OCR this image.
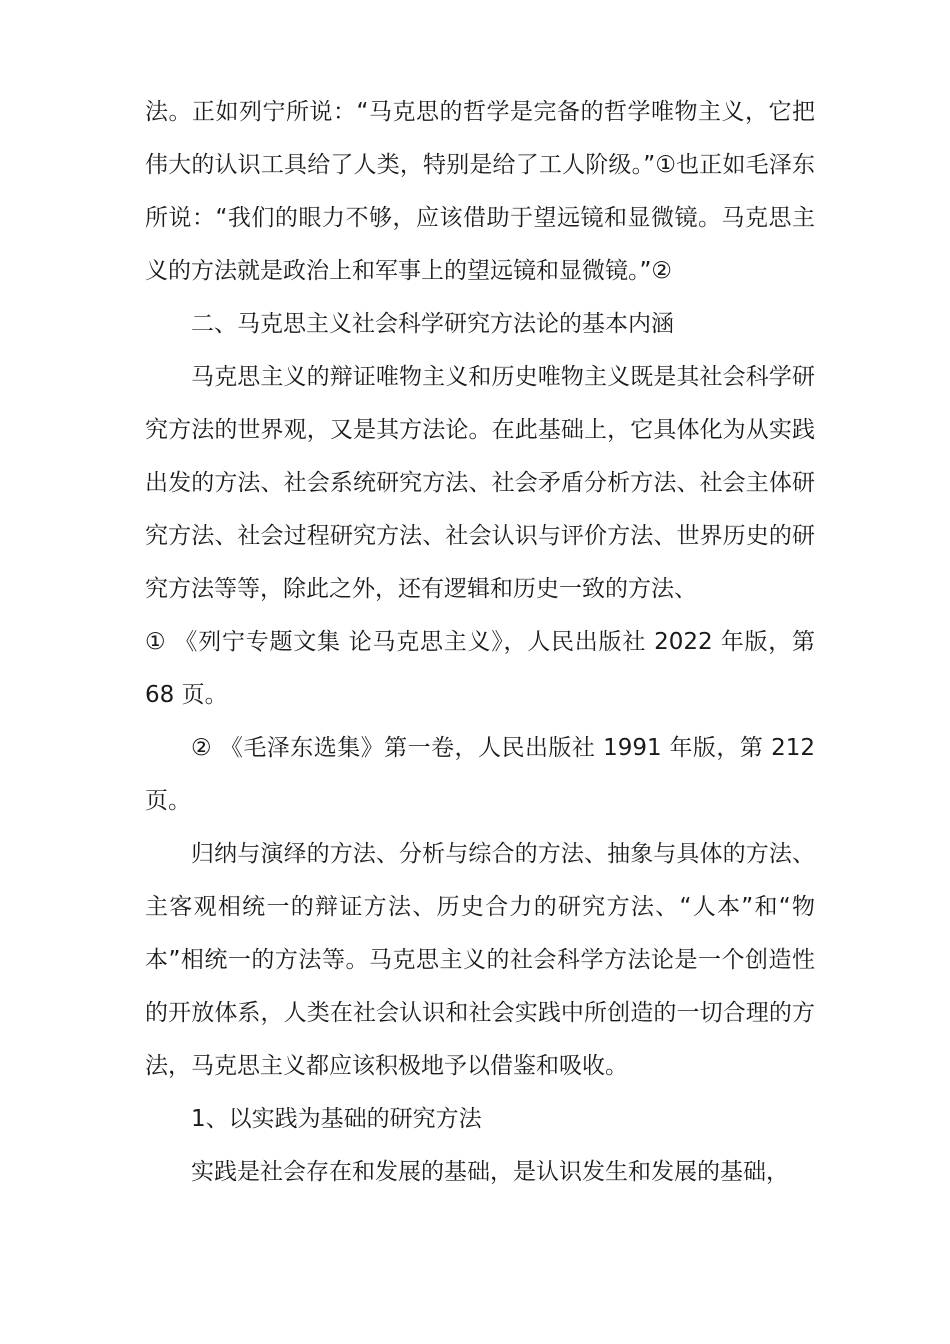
法。正如列宁所说：“马克思的哲学是完备的哲学唯物主义，它把伟大的认识工具给了人类，特别是给了工人阶级。”①也正如毛泽东所说：“我们的眼力不够，应该借助于望远镜和显微镜。马克思主义的方法就是政治上和军事上的望远镜和显微镜。”②

二、马克思主义社会科学研究方法论的基本内涵

马克思主义的辩证唯物主义和历史唯物主义既是其社会科学研究方法的世界观，又是其方法论。在此基础上，它具体化为从实践出发的方法、社会系统研究方法、社会矛盾分析方法、社会主体研究方法、社会过程研究方法、社会认识与评价方法、世界历史的研究方法等等，除此之外，还有逻辑和历史一致的方法、

① 《列宁专题文集 论马克思主义》，人民出版社 2022 年版，第68 页。

② 《毛泽东选集》第一卷，人民出版社 1991 年版，第 212 页。

归纳与演绎的方法、分析与综合的方法、抽象与具体的方法、主客观相统一的辩证方法、历史合力的研究方法、“人本”和“物本”相统一的方法等。马克思主义的社会科学方法论是一个创造性的开放体系，人类在社会认识和社会实践中所创造的一切合理的方法，马克思主义都应该积极地予以借鉴和吸收。

1、以实践为基础的研究方法

实践是社会存在和发展的基础，是认识发生和发展的基础，
